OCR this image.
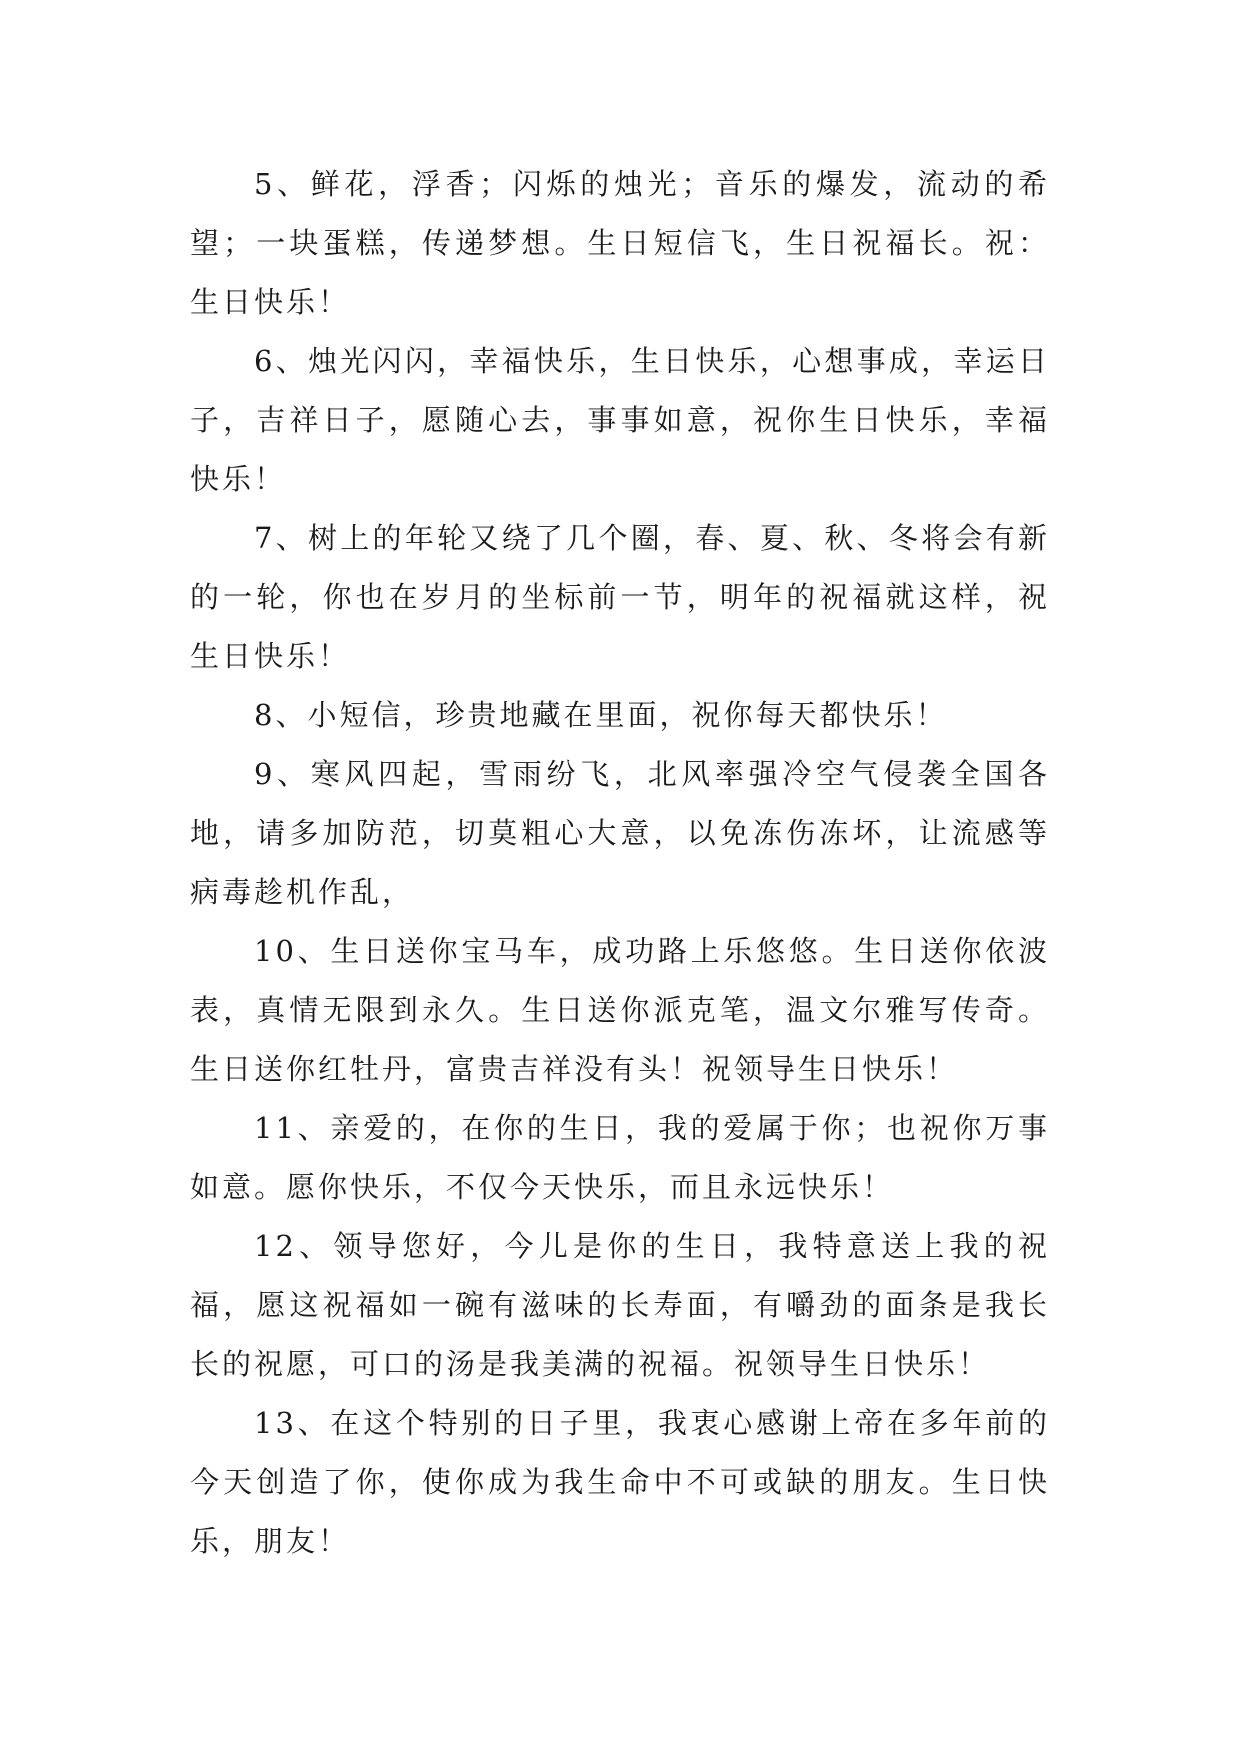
5、鲜花，浮香；闪烁的烛光；音乐的爆发，流动的希望；一块蛋糕，传递梦想。生日短信飞，生日祝福长。祝：生日快乐！

6、烛光闪闪，幸福快乐，生日快乐，心想事成，幸运日子，吉祥日子，愿随心去，事事如意，祝你生日快乐，幸福快乐！

7、树上的年轮又绕了几个圈，春、夏、秋、冬将会有新的一轮，你也在岁月的坐标前一节，明年的祝福就这样，祝生日快乐！

8、小短信，珍贵地藏在里面，祝你每天都快乐！

9、寒风四起，雪雨纷飞，北风率强冷空气侵袭全国各地，请多加防范，切莫粗心大意，以免冻伤冻坏，让流感等病毒趁机作乱，

10、生日送你宝马车，成功路上乐悠悠。生日送你依波表，真情无限到永久。生日送你派克笔，温文尔雅写传奇。生日送你红牡丹，富贵吉祥没有头！祝领导生日快乐！

11、亲爱的，在你的生日，我的爱属于你；也祝你万事如意。愿你快乐，不仅今天快乐，而且永远快乐！

12、领导您好，今儿是你的生日，我特意送上我的祝福，愿这祝福如一碗有滋味的长寿面，有嚼劲的面条是我长长的祝愿，可口的汤是我美满的祝福。祝领导生日快乐！

13、在这个特别的日子里，我衷心感谢上帝在多年前的今天创造了你，使你成为我生命中不可或缺的朋友。生日快乐，朋友！
